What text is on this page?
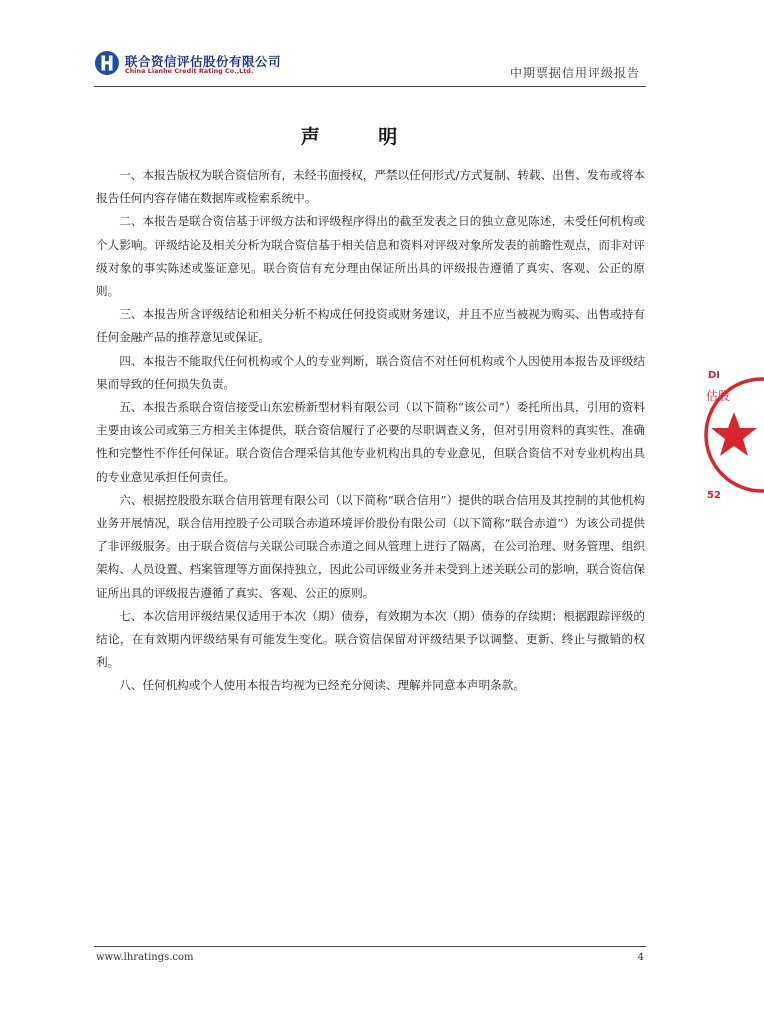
联合资信评估股份有限公司
China Lianhe Credit Rating Co.,Ltd.	中期票据信用评级报告
声 明

一、本报告版权为联合资信所有，未经书面授权，严禁以任何形式/方式复制、转载、出售、发布或将本报告任何内容存储在数据库或检索系统中。

二、本报告是联合资信基于评级方法和评级程序得出的截至发表之日的独立意见陈述，未受任何机构或个人影响。评级结论及相关分析为联合资信基于相关信息和资料对评级对象所发表的前瞻性观点，而非对评级对象的事实陈述或鉴证意见。联合资信有充分理由保证所出具的评级报告遵循了真实、客观、公正的原则。

三、本报告所含评级结论和相关分析不构成任何投资或财务建议，并且不应当被视为购买、出售或持有任何金融产品的推荐意见或保证。

四、本报告不能取代任何机构或个人的专业判断，联合资信不对任何机构或个人因使用本报告及评级结果而导致的任何损失负责。

五、本报告系联合资信接受山东宏桥新型材料有限公司（以下简称“该公司”）委托所出具，引用的资料主要由该公司或第三方相关主体提供，联合资信履行了必要的尽职调查义务，但对引用资料的真实性、准确性和完整性不作任何保证。联合资信合理采信其他专业机构出具的专业意见，但联合资信不对专业机构出具的专业意见承担任何责任。

六、根据控股股东联合信用管理有限公司（以下简称“联合信用”）提供的联合信用及其控制的其他机构业务开展情况，联合信用控股子公司联合赤道环境评价股份有限公司（以下简称“联合赤道”）为该公司提供了非评级服务。由于联合资信与关联公司联合赤道之间从管理上进行了隔离，在公司治理、财务管理、组织架构、人员设置、档案管理等方面保持独立，因此公司评级业务并未受到上述关联公司的影响，联合资信保证所出具的评级报告遵循了真实、客观、公正的原则。

七、本次信用评级结果仅适用于本次（期）债券，有效期为本次（期）债券的存续期；根据跟踪评级的结论，在有效期内评级结果有可能发生变化。联合资信保留对评级结果予以调整、更新、终止与撤销的权利。

八、任何机构或个人使用本报告均视为已经充分阅读、理解并同意本声明条款。

DI
估股
52
www.lhratings.com	4
